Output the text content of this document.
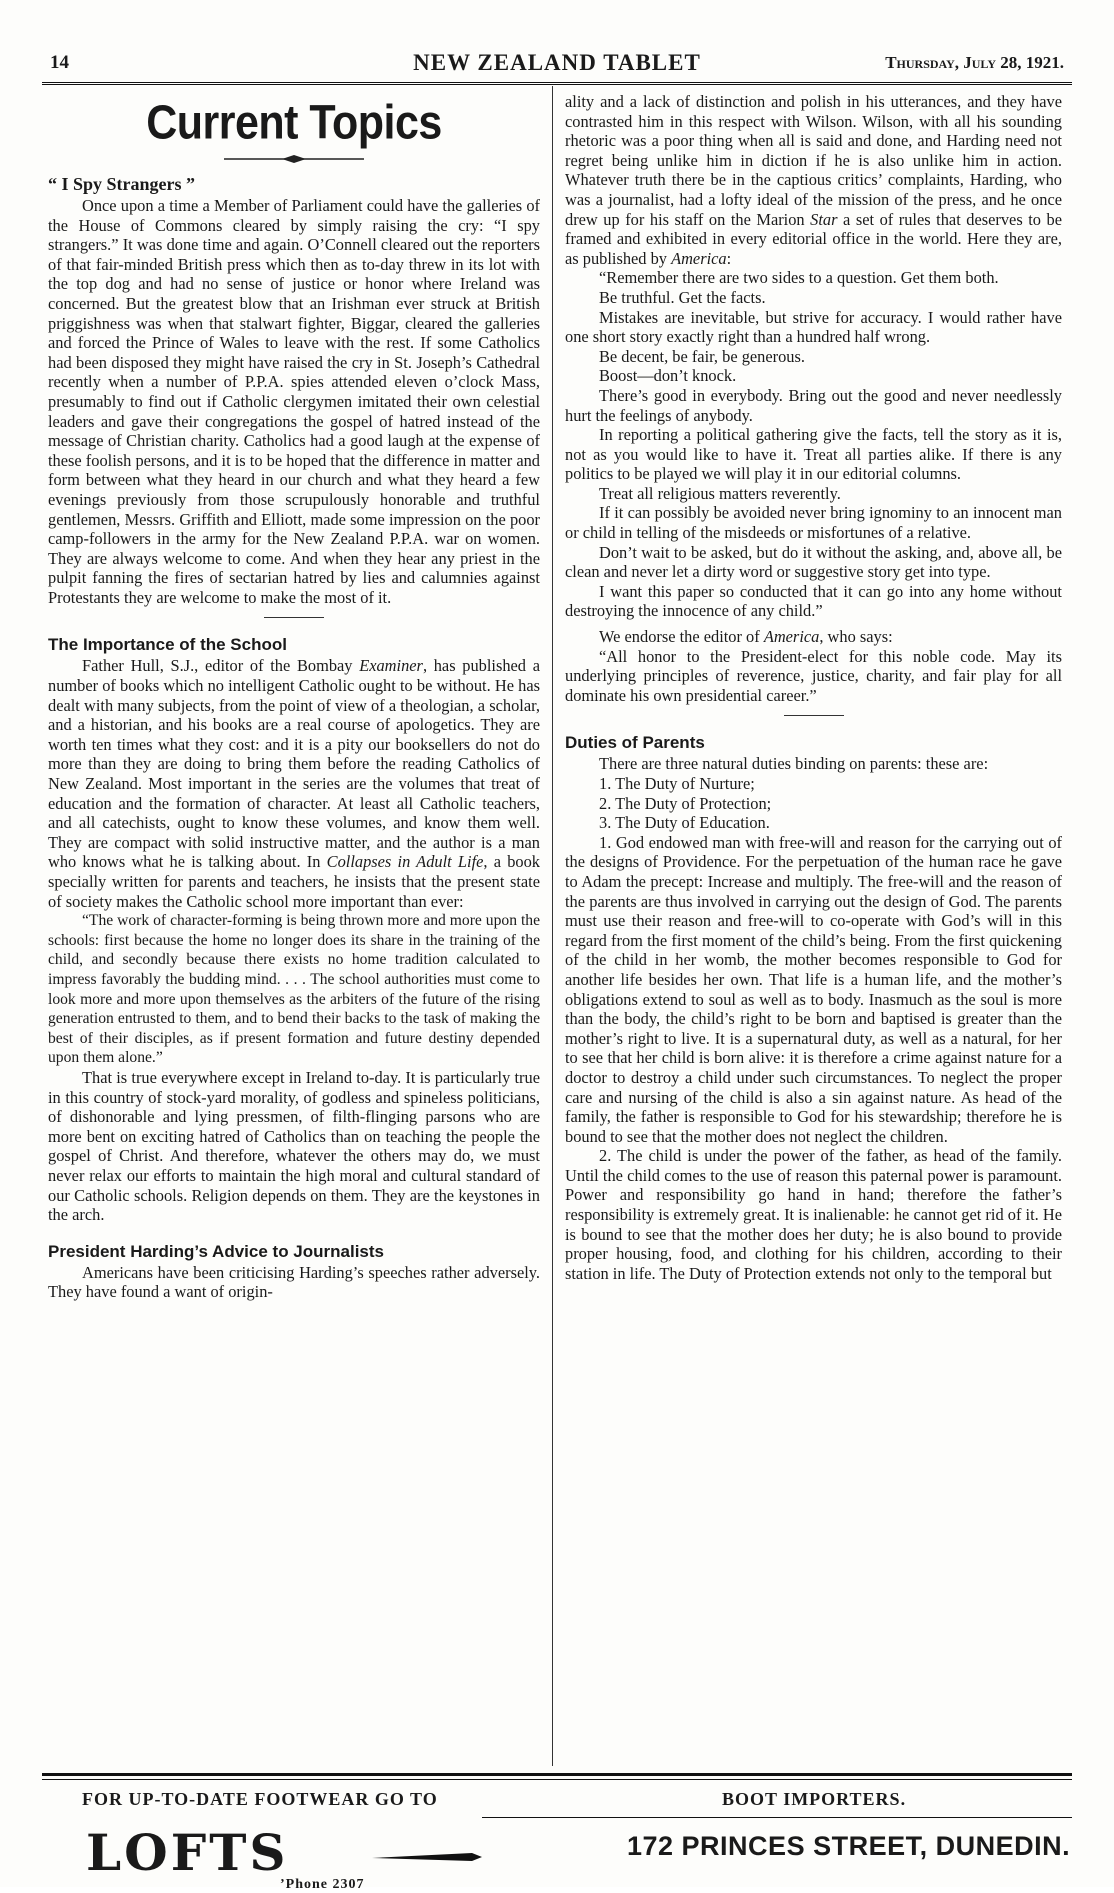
14	NEW ZEALAND TABLET	Thursday, July 28, 1921.
Current Topics
“ I Spy Strangers ”

Once upon a time a Member of Parliament could have the galleries of the House of Commons cleared by simply raising the cry: “I spy strangers.” It was done time and again. O’Connell cleared out the reporters of that fair-minded British press which then as to-day threw in its lot with the top dog and had no sense of justice or honor where Ireland was concerned. But the greatest blow that an Irishman ever struck at British priggishness was when that stalwart fighter, Biggar, cleared the galleries and forced the Prince of Wales to leave with the rest. If some Catholics had been disposed they might have raised the cry in St. Joseph’s Cathedral recently when a number of P.P.A. spies attended eleven o’clock Mass, presumably to find out if Catholic clergymen imitated their own celestial leaders and gave their congregations the gospel of hatred instead of the message of Christian charity. Catholics had a good laugh at the expense of these foolish persons, and it is to be hoped that the difference in matter and form between what they heard in our church and what they heard a few evenings previously from those scrupulously honorable and truthful gentlemen, Messrs. Griffith and Elliott, made some impression on the poor camp-followers in the army for the New Zealand P.P.A. war on women. They are always welcome to come. And when they hear any priest in the pulpit fanning the fires of sectarian hatred by lies and calumnies against Protestants they are welcome to make the most of it.

The Importance of the School

Father Hull, S.J., editor of the Bombay Examiner, has published a number of books which no intelligent Catholic ought to be without. He has dealt with many subjects, from the point of view of a theologian, a scholar, and a historian, and his books are a real course of apologetics. They are worth ten times what they cost: and it is a pity our booksellers do not do more than they are doing to bring them before the reading Catholics of New Zealand. Most important in the series are the volumes that treat of education and the formation of character. At least all Catholic teachers, and all catechists, ought to know these volumes, and know them well. They are compact with solid instructive matter, and the author is a man who knows what he is talking about. In Collapses in Adult Life, a book specially written for parents and teachers, he insists that the present state of society makes the Catholic school more important than ever:

“The work of character-forming is being thrown more and more upon the schools: first because the home no longer does its share in the training of the child, and secondly because there exists no home tradition calculated to impress favorably the budding mind. . . . The school authorities must come to look more and more upon themselves as the arbiters of the future of the rising generation entrusted to them, and to bend their backs to the task of making the best of their disciples, as if present formation and future destiny depended upon them alone.”

That is true everywhere except in Ireland to-day. It is particularly true in this country of stock-yard morality, of godless and spineless politicians, of dishonorable and lying pressmen, of filth-flinging parsons who are more bent on exciting hatred of Catholics than on teaching the people the gospel of Christ. And therefore, whatever the others may do, we must never relax our efforts to maintain the high moral and cultural standard of our Catholic schools. Religion depends on them. They are the keystones in the arch.

President Harding’s Advice to Journalists

Americans have been criticising Harding’s speeches rather adversely. They have found a want of origin-

ality and a lack of distinction and polish in his utterances, and they have contrasted him in this respect with Wilson. Wilson, with all his sounding rhetoric was a poor thing when all is said and done, and Harding need not regret being unlike him in diction if he is also unlike him in action. Whatever truth there be in the captious critics’ complaints, Harding, who was a journalist, had a lofty ideal of the mission of the press, and he once drew up for his staff on the Marion Star a set of rules that deserves to be framed and exhibited in every editorial office in the world. Here they are, as published by America:

“Remember there are two sides to a question. Get them both.

Be truthful. Get the facts.

Mistakes are inevitable, but strive for accuracy. I would rather have one short story exactly right than a hundred half wrong.

Be decent, be fair, be generous.

Boost—don’t knock.

There’s good in everybody. Bring out the good and never needlessly hurt the feelings of anybody.

In reporting a political gathering give the facts, tell the story as it is, not as you would like to have it. Treat all parties alike. If there is any politics to be played we will play it in our editorial columns.

Treat all religious matters reverently.

If it can possibly be avoided never bring ignominy to an innocent man or child in telling of the misdeeds or misfortunes of a relative.

Don’t wait to be asked, but do it without the asking, and, above all, be clean and never let a dirty word or suggestive story get into type.

I want this paper so conducted that it can go into any home without destroying the innocence of any child.”

We endorse the editor of America, who says:

“All honor to the President-elect for this noble code. May its underlying principles of reverence, justice, charity, and fair play for all dominate his own presidential career.”

Duties of Parents

There are three natural duties binding on parents: these are:

1. The Duty of Nurture;

2. The Duty of Protection;

3. The Duty of Education.

1. God endowed man with free-will and reason for the carrying out of the designs of Providence. For the perpetuation of the human race he gave to Adam the precept: Increase and multiply. The free-will and the reason of the parents are thus involved in carrying out the design of God. The parents must use their reason and free-will to co-operate with God’s will in this regard from the first moment of the child’s being. From the first quickening of the child in her womb, the mother becomes responsible to God for another life besides her own. That life is a human life, and the mother’s obligations extend to soul as well as to body. Inasmuch as the soul is more than the body, the child’s right to be born and baptised is greater than the mother’s right to live. It is a supernatural duty, as well as a natural, for her to see that her child is born alive: it is therefore a crime against nature for a doctor to destroy a child under such circumstances. To neglect the proper care and nursing of the child is also a sin against nature. As head of the family, the father is responsible to God for his stewardship; therefore he is bound to see that the mother does not neglect the children.

2. The child is under the power of the father, as head of the family. Until the child comes to the use of reason this paternal power is paramount. Power and responsibility go hand in hand; therefore the father’s responsibility is extremely great. It is inalienable: he cannot get rid of it. He is bound to see that the mother does her duty; he is also bound to provide proper housing, food, and clothing for his children, according to their station in life. The Duty of Protection extends not only to the temporal but

FOR UP-TO-DATE FOOTWEAR GO TO	BOOT IMPORTERS.
LOFTS	172 PRINCES STREET, DUNEDIN.
’Phone 2307
